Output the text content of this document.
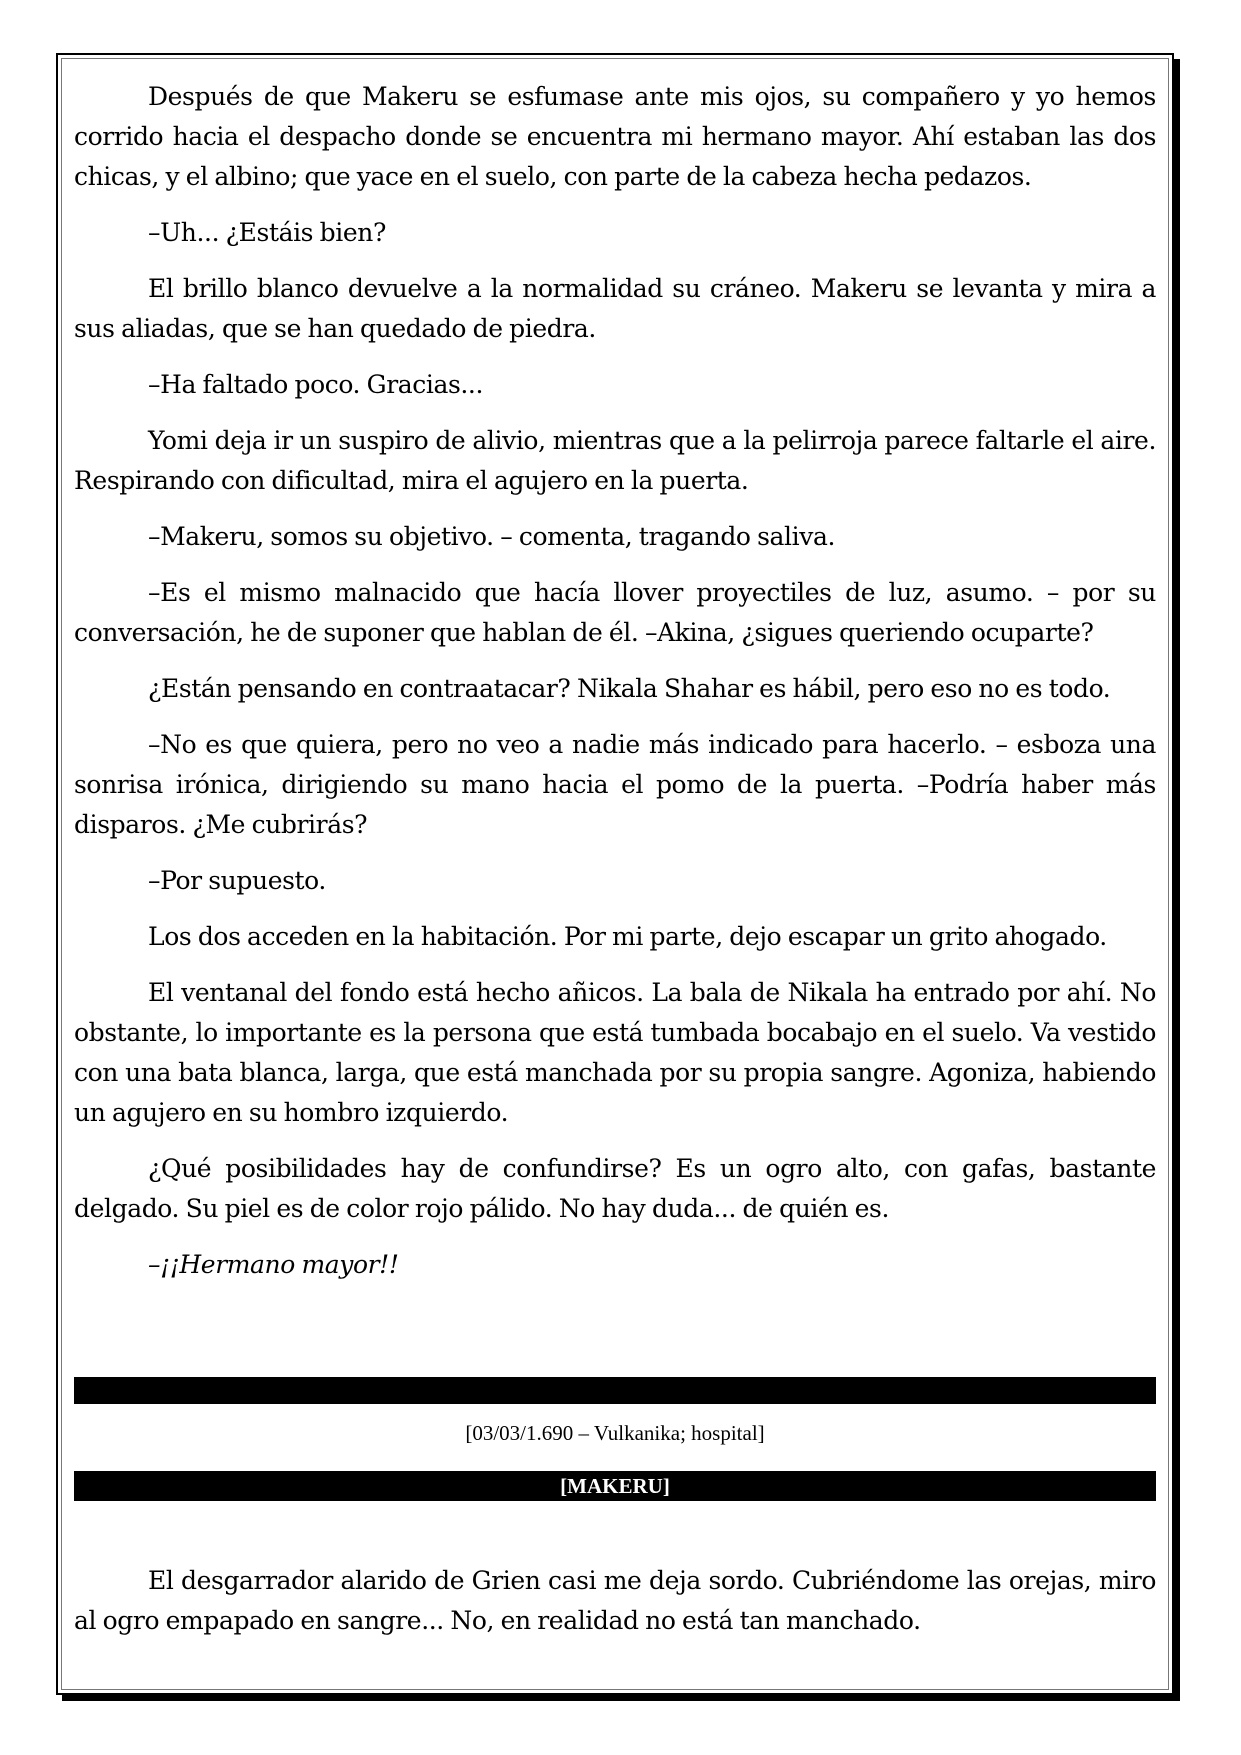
Después de que Makeru se esfumase ante mis ojos, su compañero y yo hemos corrido hacia el despacho donde se encuentra mi hermano mayor. Ahí estaban las dos chicas, y el albino; que yace en el suelo, con parte de la cabeza hecha pedazos.

–Uh... ¿Estáis bien?

El brillo blanco devuelve a la normalidad su cráneo. Makeru se levanta y mira a sus aliadas, que se han quedado de piedra.

–Ha faltado poco. Gracias...

Yomi deja ir un suspiro de alivio, mientras que a la pelirroja parece faltarle el aire. Respirando con dificultad, mira el agujero en la puerta.

–Makeru, somos su objetivo. – comenta, tragando saliva.

–Es el mismo malnacido que hacía llover proyectiles de luz, asumo. – por su conversación, he de suponer que hablan de él. –Akina, ¿sigues queriendo ocuparte?

¿Están pensando en contraatacar? Nikala Shahar es hábil, pero eso no es todo.

–No es que quiera, pero no veo a nadie más indicado para hacerlo. – esboza una sonrisa irónica, dirigiendo su mano hacia el pomo de la puerta. –Podría haber más disparos. ¿Me cubrirás?

–Por supuesto.

Los dos acceden en la habitación. Por mi parte, dejo escapar un grito ahogado.

El ventanal del fondo está hecho añicos. La bala de Nikala ha entrado por ahí. No obstante, lo importante es la persona que está tumbada bocabajo en el suelo. Va vestido con una bata blanca, larga, que está manchada por su propia sangre. Agoniza, habiendo un agujero en su hombro izquierdo.

¿Qué posibilidades hay de confundirse? Es un ogro alto, con gafas, bastante delgado. Su piel es de color rojo pálido. No hay duda... de quién es.

–¡¡Hermano mayor!!

[03/03/1.690 – Vulkanika; hospital]
[MAKERU]

El desgarrador alarido de Grien casi me deja sordo. Cubriéndome las orejas, miro al ogro empapado en sangre... No, en realidad no está tan manchado.
